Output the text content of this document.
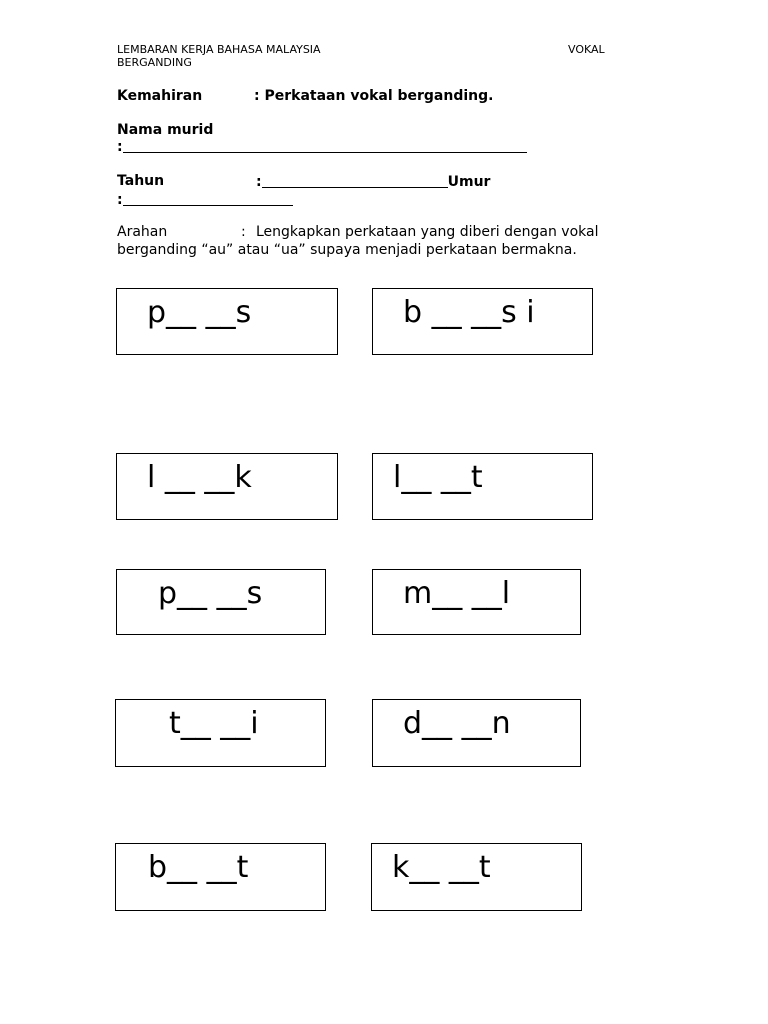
LEMBARAN KERJA BAHASA MALAYSIA	VOKAL
BERGANDING
Kemahiran	: Perkataan vokal berganding.
Nama murid
:
Tahun	:	Umur
:
Arahan	: Lengkapkan perkataan yang diberi dengan vokal
berganding “au” atau “ua” supaya menjadi perkataan bermakna.
p__ __s	b __ __s i
l __ __k	l__ __t
p__ __s	m__ __l
t__ __i	d__ __n
b__ __t	k__ __t
